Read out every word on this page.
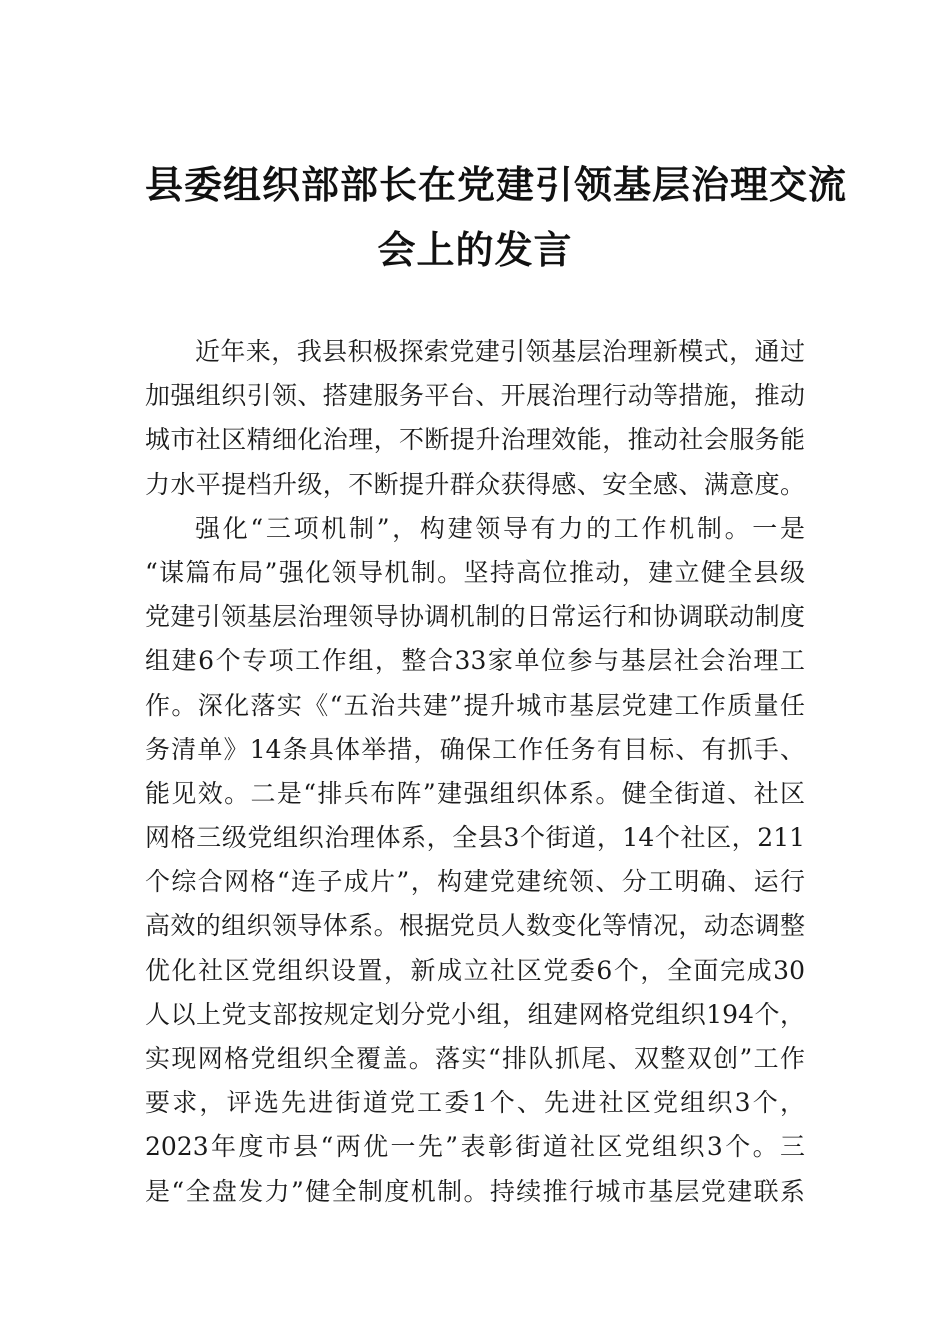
县委组织部部长在党建引领基层治理交流
会上的发言
近年来，我县积极探索党建引领基层治理新模式，通过
加强组织引领、搭建服务平台、开展治理行动等措施，推动
城市社区精细化治理，不断提升治理效能，推动社会服务能
力水平提档升级，不断提升群众获得感、安全感、满意度。
强化“三项机制”，构建领导有力的工作机制。一是
“谋篇布局”强化领导机制。坚持高位推动，建立健全县级
党建引领基层治理领导协调机制的日常运行和协调联动制度
组建6个专项工作组，整合33家单位参与基层社会治理工
作。深化落实《“五治共建”提升城市基层党建工作质量任
务清单》14条具体举措，确保工作任务有目标、有抓手、
能见效。二是“排兵布阵”建强组织体系。健全街道、社区
网格三级党组织治理体系，全县3个街道，14个社区，211
个综合网格“连子成片”，构建党建统领、分工明确、运行
高效的组织领导体系。根据党员人数变化等情况，动态调整
优化社区党组织设置，新成立社区党委6个，全面完成30
人以上党支部按规定划分党小组，组建网格党组织194个，
实现网格党组织全覆盖。落实“排队抓尾、双整双创”工作
要求，评选先进街道党工委1个、先进社区党组织3个，
2023年度市县“两优一先”表彰街道社区党组织3个。三
是“全盘发力”健全制度机制。持续推行城市基层党建联系
